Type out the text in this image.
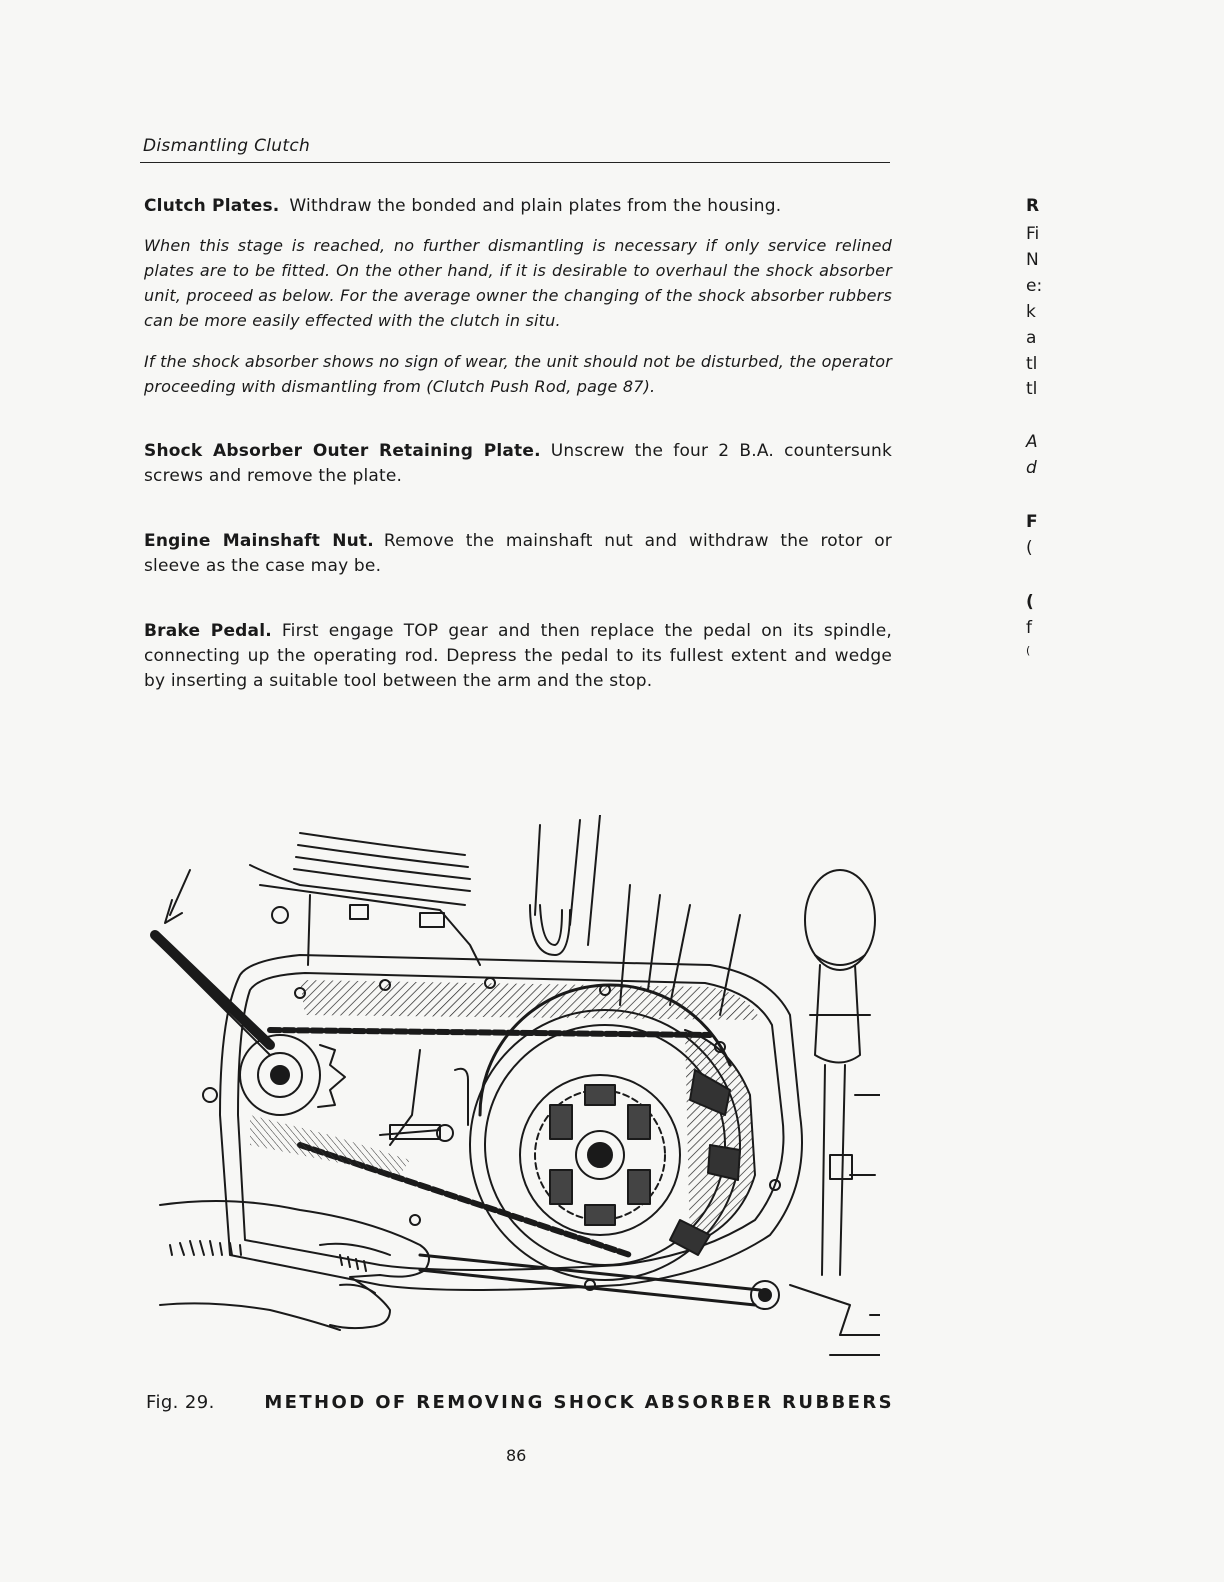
Dismantling Clutch
Clutch Plates. Withdraw the bonded and plain plates from the housing.
When this stage is reached, no further dismantling is necessary if only service relined plates are to be fitted. On the other hand, if it is desirable to overhaul the shock absorber unit, proceed as below. For the average owner the changing of the shock absorber rubbers can be more easily effected with the clutch in situ.
If the shock absorber shows no sign of wear, the unit should not be disturbed, the operator proceeding with dismantling from (Clutch Push Rod, page 87).
Shock Absorber Outer Retaining Plate. Unscrew the four 2 B.A. countersunk screws and remove the plate.
Engine Mainshaft Nut. Remove the mainshaft nut and withdraw the rotor or sleeve as the case may be.
Brake Pedal. First engage TOP gear and then replace the pedal on its spindle, connecting up the operating rod. Depress the pedal to its fullest extent and wedge by inserting a suitable tool between the arm and the stop.
R
Fi
N
e:
k
a
tl
tl
A
d
F
(
(
f
(
Fig. 29.	METHOD OF REMOVING SHOCK ABSORBER RUBBERS
86
